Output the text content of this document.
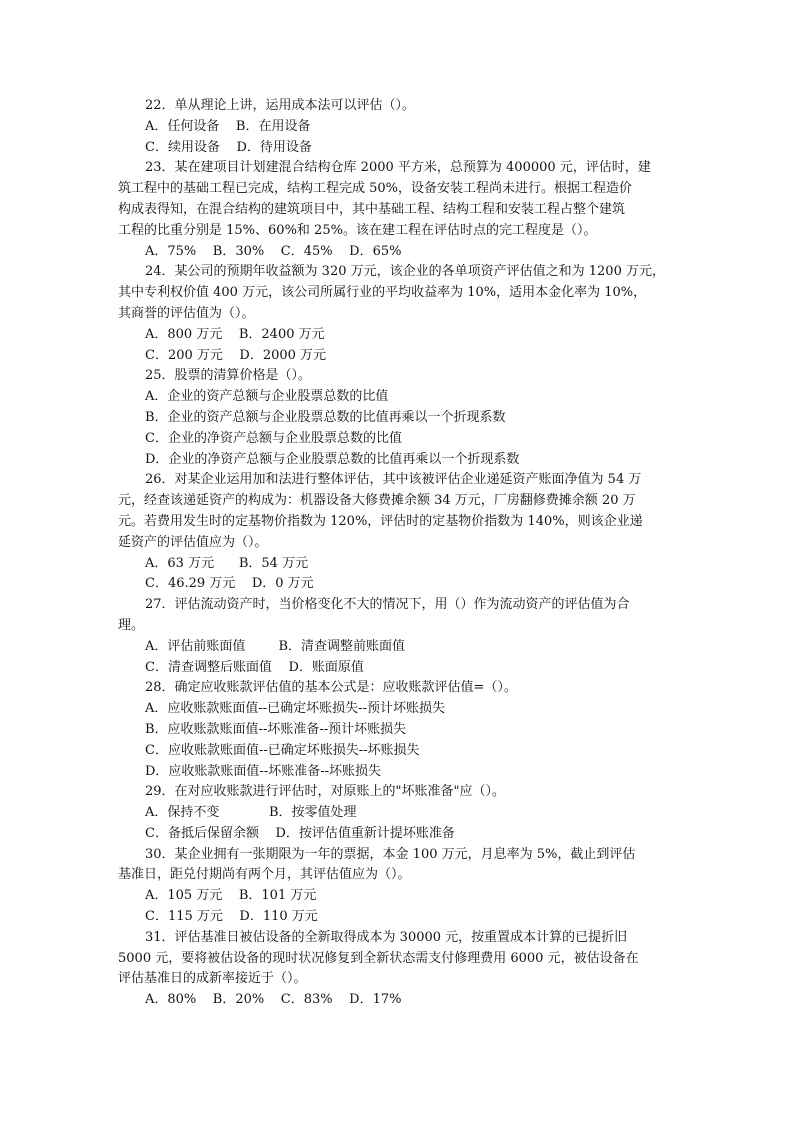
22．单从理论上讲，运用成本法可以评估（）。
A．任何设备    B．在用设备
C．续用设备    D．待用设备
23．某在建项目计划建混合结构仓库 2000 平方米，总预算为 400000 元，评估时，建
筑工程中的基础工程已完成，结构工程完成 50%，设备安装工程尚未进行。根据工程造价
构成表得知，在混合结构的建筑项目中，其中基础工程、结构工程和安装工程占整个建筑
工程的比重分别是 15%、60%和 25%。该在建工程在评估时点的完工程度是（）。
A．75%    B．30%    C．45%    D．65%
24．某公司的预期年收益额为 320 万元，该企业的各单项资产评估值之和为 1200 万元，
其中专利权价值 400 万元，该公司所属行业的平均收益率为 10%，适用本金化率为 10%，
其商誉的评估值为（）。
A．800 万元    B．2400 万元
C．200 万元    D．2000 万元
25．股票的清算价格是（）。
A．企业的资产总额与企业股票总数的比值
B．企业的资产总额与企业股票总数的比值再乘以一个折现系数
C．企业的净资产总额与企业股票总数的比值
D．企业的净资产总额与企业股票总数的比值再乘以一个折现系数
26．对某企业运用加和法进行整体评估，其中该被评估企业递延资产账面净值为 54 万
元，经查该递延资产的构成为：机器设备大修费摊余额 34 万元，厂房翻修费摊余额 20 万
元。若费用发生时的定基物价指数为 120%，评估时的定基物价指数为 140%，则该企业递
延资产的评估值应为（）。
A．63 万元      B．54 万元
C．46.29 万元    D．0 万元
27．评估流动资产时，当价格变化不大的情况下，用（）作为流动资产的评估值为合
理。
A．评估前账面值        B．清查调整前账面值
C．清查调整后账面值    D．账面原值
28．确定应收账款评估值的基本公式是：应收账款评估值=（）。
A．应收账款账面值--已确定坏账损失--预计坏账损失
B．应收账款账面值--坏账准备--预计坏账损失
C．应收账款账面值--已确定坏账损失--坏账损失
D．应收账款账面值--坏账准备--坏账损失
29．在对应收账款进行评估时，对原账上的"坏账准备"应（）。
A．保持不变            B．按零值处理
C．备抵后保留余额    D．按评估值重新计提坏账准备
30．某企业拥有一张期限为一年的票据，本金 100 万元，月息率为 5%，截止到评估
基准日，距兑付期尚有两个月，其评估值应为（）。
A．105 万元    B．101 万元
C．115 万元    D．110 万元
31．评估基准日被估设备的全新取得成本为 30000 元，按重置成本计算的已提折旧
5000 元，要将被估设备的现时状况修复到全新状态需支付修理费用 6000 元，被估设备在
评估基准日的成新率接近于（）。
A．80%    B．20%    C．83%    D．17%
